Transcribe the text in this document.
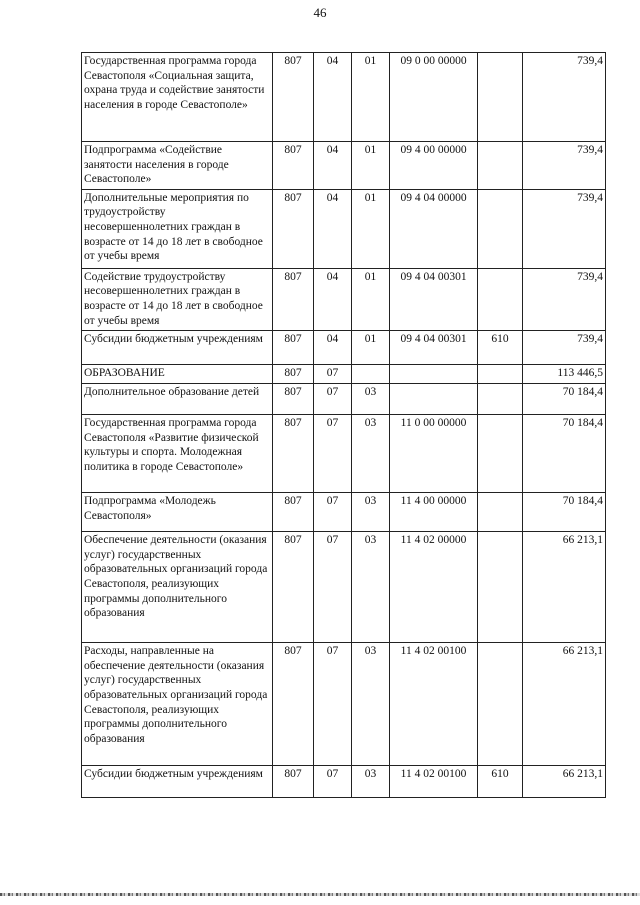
46
Государственная программа города Севастополя «Социальная защита, охрана труда и содействие занятости населения в городе Севастополе»	807	04	01	09 0 00 00000		739,4
Подпрограмма «Содействие занятости населения в городе Севастополе»	807	04	01	09 4 00 00000		739,4
Дополнительные мероприятия по трудоустройству несовершеннолетних граждан в возрасте от 14 до 18 лет в свободное от учебы время	807	04	01	09 4 04 00000		739,4
Содействие трудоустройству несовершеннолетних граждан в возрасте от 14 до 18 лет в свободное от учебы время	807	04	01	09 4 04 00301		739,4
Субсидии бюджетным учреждениям	807	04	01	09 4 04 00301	610	739,4
ОБРАЗОВАНИЕ	807	07				113 446,5
Дополнительное образование детей	807	07	03			70 184,4
Государственная программа города Севастополя «Развитие физической культуры и спорта. Молодежная политика в городе Севастополе»	807	07	03	11 0 00 00000		70 184,4
Подпрограмма «Молодежь Севастополя»	807	07	03	11 4 00 00000		70 184,4
Обеспечение деятельности (оказания услуг) государственных образовательных организаций города Севастополя, реализующих программы дополнительного образования	807	07	03	11 4 02 00000		66 213,1
Расходы, направленные на обеспечение деятельности (оказания услуг) государственных образовательных организаций города Севастополя, реализующих программы дополнительного образования	807	07	03	11 4 02 00100		66 213,1
Субсидии бюджетным учреждениям	807	07	03	11 4 02 00100	610	66 213,1
